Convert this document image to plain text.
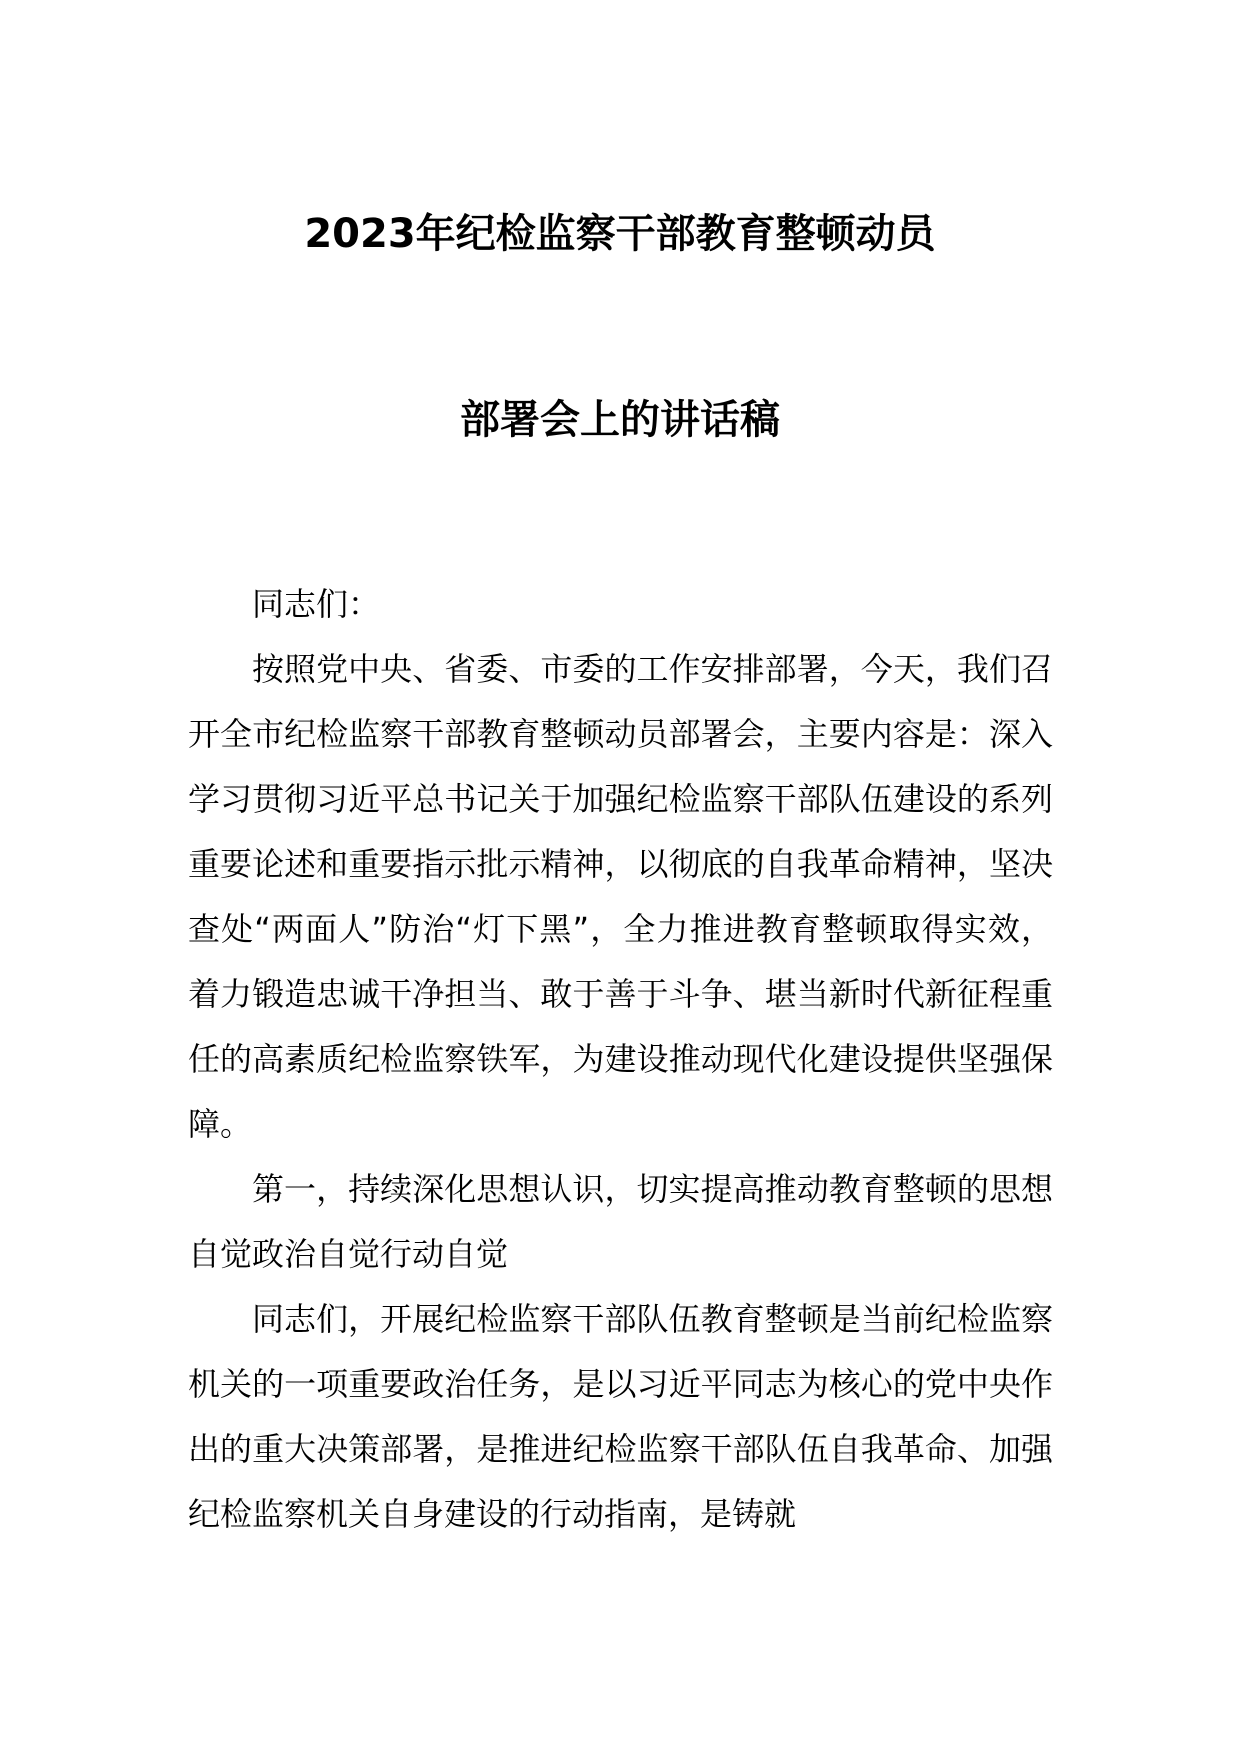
2023年纪检监察干部教育整顿动员
部署会上的讲话稿

同志们：

按照党中央、省委、市委的工作安排部署，今天，我们召开全市纪检监察干部教育整顿动员部署会，主要内容是：深入学习贯彻习近平总书记关于加强纪检监察干部队伍建设的系列重要论述和重要指示批示精神，以彻底的自我革命精神，坚决查处“两面人”防治“灯下黑”，全力推进教育整顿取得实效，着力锻造忠诚干净担当、敢于善于斗争、堪当新时代新征程重任的高素质纪检监察铁军，为建设推动现代化建设提供坚强保障。

第一，持续深化思想认识，切实提高推动教育整顿的思想自觉政治自觉行动自觉

同志们，开展纪检监察干部队伍教育整顿是当前纪检监察机关的一项重要政治任务，是以习近平同志为核心的党中央作出的重大决策部署，是推进纪检监察干部队伍自我革命、加强纪检监察机关自身建设的行动指南，是铸就
